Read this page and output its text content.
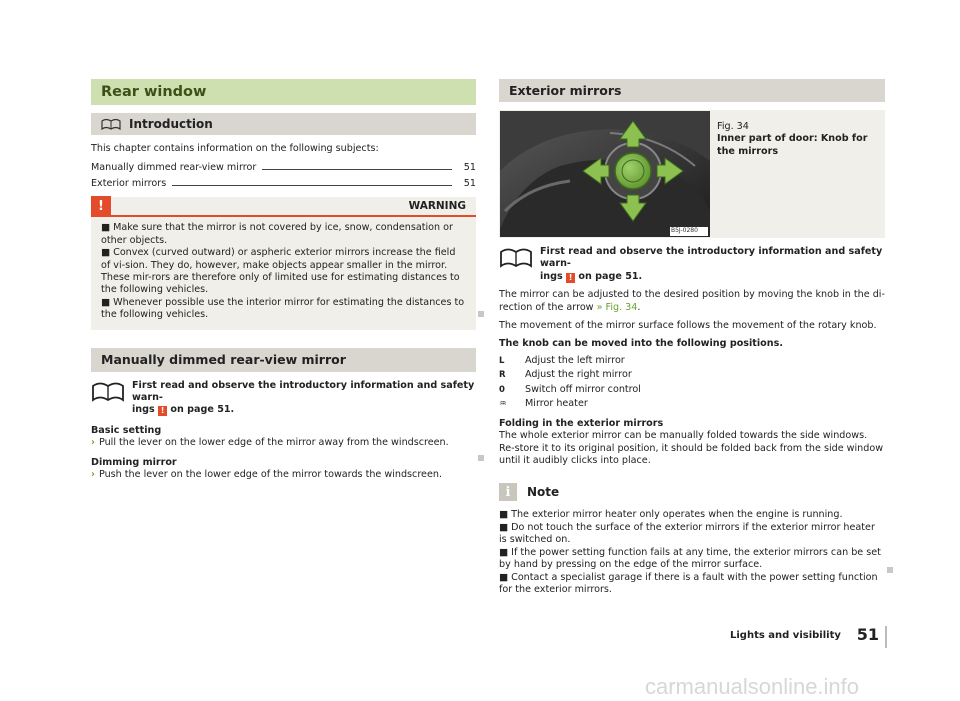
Rear window
Introduction

This chapter contains information on the following subjects:

Manually dimmed rear-view mirror	51
Exterior mirrors	51
!	WARNING

■ Make sure that the mirror is not covered by ice, snow, condensation or other objects.

■ Convex (curved outward) or aspheric exterior mirrors increase the field of vi-sion. They do, however, make objects appear smaller in the mirror. These mir-rors are therefore only of limited use for estimating distances to the following vehicles.

■ Whenever possible use the interior mirror for estimating the distances to the following vehicles.

Manually dimmed rear-view mirror

First read and observe the introductory information and safety warn-

ings ! on page 51.

Basic setting

› Pull the lever on the lower edge of the mirror away from the windscreen.

Dimming mirror

› Push the lever on the lower edge of the mirror towards the windscreen.

Exterior mirrors
B5J-0280

Fig. 34

Inner part of door: Knob for the mirrors

First read and observe the introductory information and safety warn-

ings ! on page 51.

The mirror can be adjusted to the desired position by moving the knob in the di-
rection of the arrow » Fig. 34.

The movement of the mirror surface follows the movement of the rotary knob.

The knob can be moved into the following positions.

L	Adjust the left mirror
R	Adjust the right mirror
0	Switch off mirror control
♒	Mirror heater

Folding in the exterior mirrors

The whole exterior mirror can be manually folded towards the side windows. Re-store it to its original position, it should be folded back from the side window until it audibly clicks into place.

i	Note

■ The exterior mirror heater only operates when the engine is running.

■ Do not touch the surface of the exterior mirrors if the exterior mirror heater is switched on.

■ If the power setting function fails at any time, the exterior mirrors can be set by hand by pressing on the edge of the mirror surface.

■ Contact a specialist garage if there is a fault with the power setting function for the exterior mirrors.

Lights and visibility 51
carmanualsonline.info
